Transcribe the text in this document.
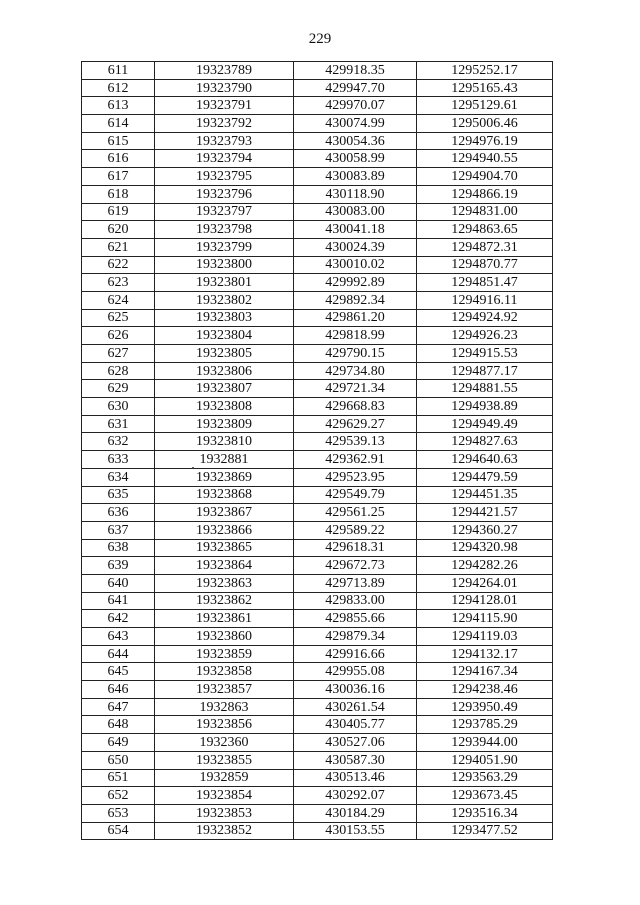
229
611	19323789	429918.35	1295252.17
612	19323790	429947.70	1295165.43
613	19323791	429970.07	1295129.61
614	19323792	430074.99	1295006.46
615	19323793	430054.36	1294976.19
616	19323794	430058.99	1294940.55
617	19323795	430083.89	1294904.70
618	19323796	430118.90	1294866.19
619	19323797	430083.00	1294831.00
620	19323798	430041.18	1294863.65
621	19323799	430024.39	1294872.31
622	19323800	430010.02	1294870.77
623	19323801	429992.89	1294851.47
624	19323802	429892.34	1294916.11
625	19323803	429861.20	1294924.92
626	19323804	429818.99	1294926.23
627	19323805	429790.15	1294915.53
628	19323806	429734.80	1294877.17
629	19323807	429721.34	1294881.55
630	19323808	429668.83	1294938.89
631	19323809	429629.27	1294949.49
632	19323810	429539.13	1294827.63
633	1932881	429362.91	1294640.63
634	19323869	429523.95	1294479.59
635	19323868	429549.79	1294451.35
636	19323867	429561.25	1294421.57
637	19323866	429589.22	1294360.27
638	19323865	429618.31	1294320.98
639	19323864	429672.73	1294282.26
640	19323863	429713.89	1294264.01
641	19323862	429833.00	1294128.01
642	19323861	429855.66	1294115.90
643	19323860	429879.34	1294119.03
644	19323859	429916.66	1294132.17
645	19323858	429955.08	1294167.34
646	19323857	430036.16	1294238.46
647	1932863	430261.54	1293950.49
648	19323856	430405.77	1293785.29
649	1932360	430527.06	1293944.00
650	19323855	430587.30	1294051.90
651	1932859	430513.46	1293563.29
652	19323854	430292.07	1293673.45
653	19323853	430184.29	1293516.34
654	19323852	430153.55	1293477.52
